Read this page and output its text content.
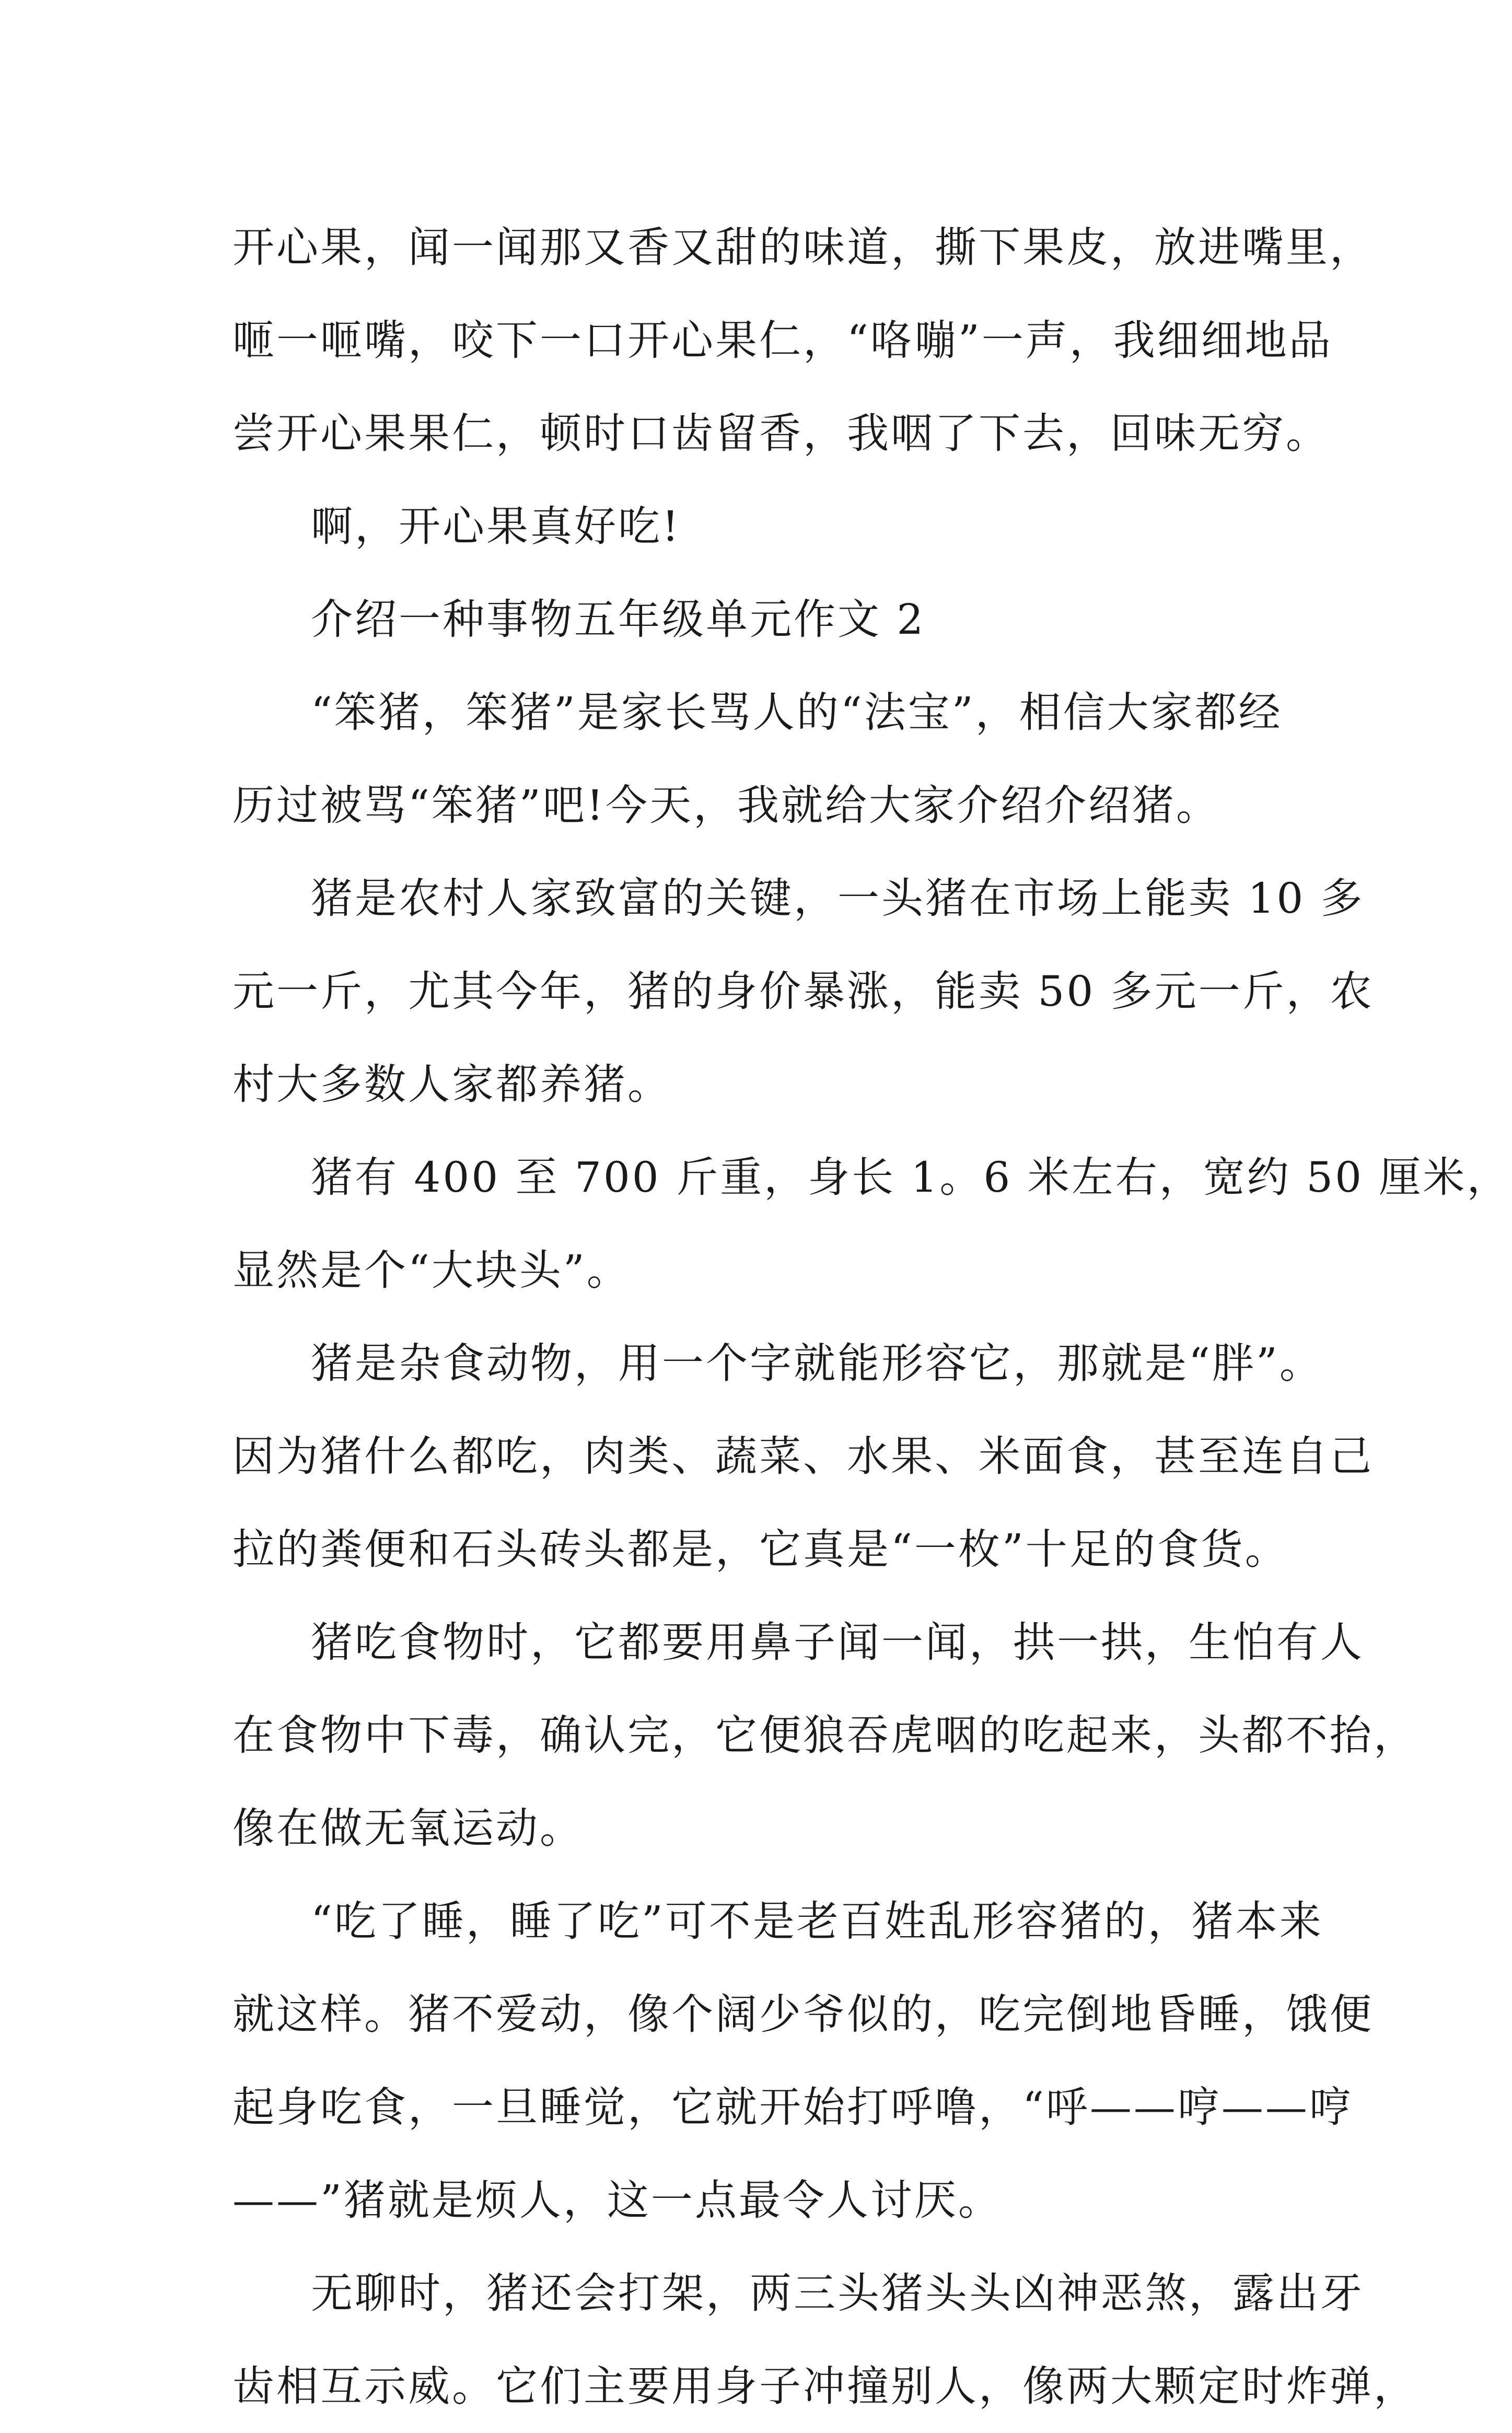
开心果，闻一闻那又香又甜的味道，撕下果皮，放进嘴里，
咂一咂嘴，咬下一口开心果仁，“咯嘣”一声，我细细地品
尝开心果果仁，顿时口齿留香，我咽了下去，回味无穷。
啊，开心果真好吃!
介绍一种事物五年级单元作文 2
“笨猪，笨猪”是家长骂人的“法宝”，相信大家都经
历过被骂“笨猪”吧!今天，我就给大家介绍介绍猪。
猪是农村人家致富的关键，一头猪在市场上能卖 10 多
元一斤，尤其今年，猪的身价暴涨，能卖 50 多元一斤，农
村大多数人家都养猪。
猪有 400 至 700 斤重，身长 1。6 米左右，宽约 50 厘米，
显然是个“大块头”。
猪是杂食动物，用一个字就能形容它，那就是“胖”。
因为猪什么都吃，肉类、蔬菜、水果、米面食，甚至连自己
拉的粪便和石头砖头都是，它真是“一枚”十足的食货。
猪吃食物时，它都要用鼻子闻一闻，拱一拱，生怕有人
在食物中下毒，确认完，它便狼吞虎咽的吃起来，头都不抬，
像在做无氧运动。
“吃了睡，睡了吃”可不是老百姓乱形容猪的，猪本来
就这样。猪不爱动，像个阔少爷似的，吃完倒地昏睡，饿便
起身吃食，一旦睡觉，它就开始打呼噜，“呼——哼——哼
——”猪就是烦人，这一点最令人讨厌。
无聊时，猪还会打架，两三头猪头头凶神恶煞，露出牙
齿相互示威。它们主要用身子冲撞别人，像两大颗定时炸弹，
